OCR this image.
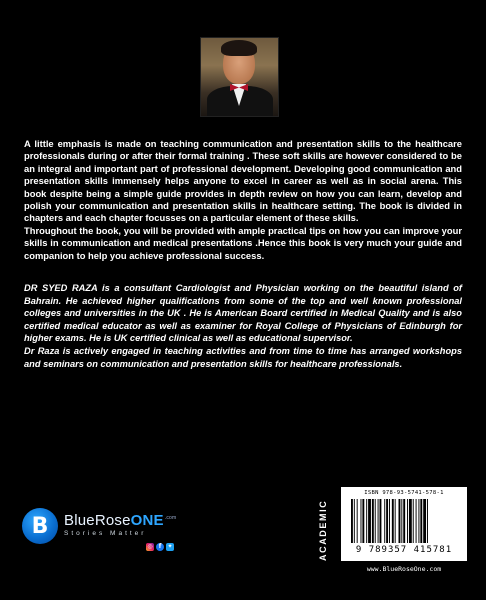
A little emphasis is made on teaching communication and presentation skills to the healthcare professionals during or after their formal training . These soft skills are however considered to be an integral and important part of professional development. Developing good communication and presentation skills immensely helps anyone to excel in career as well as in social arena. This book despite being a simple guide provides in depth review on how you can learn, develop and polish your communication and presentation skills in healthcare setting. The book is divided in chapters and each chapter focusses on a particular element of these skills.

Throughout the book, you will be provided with ample practical tips on how you can improve your skills in communication and medical presentations .Hence this book is very much your guide and companion to help you achieve professional success.

DR SYED RAZA is a consultant Cardiologist and Physician working on the beautiful island of Bahrain. He achieved higher qualifications from some of the top and well known professional colleges and universities in the UK . He is American Board certified in Medical Quality and is also certified medical educator as well as examiner for Royal College of Physicians of Edinburgh for higher exams. He is UK certified clinical as well as educational supervisor.

Dr Raza is actively engaged in teaching activities and from time to time has arranged workshops and seminars on communication and presentation skills for healthcare professionals.

B	BlueRoseONE$^{.com}$
Stories Matter
◎	f	✦	ACADEMIC
ISBN 978-93-5741-578-1
9 789357 415781
www.BlueRoseOne.com
